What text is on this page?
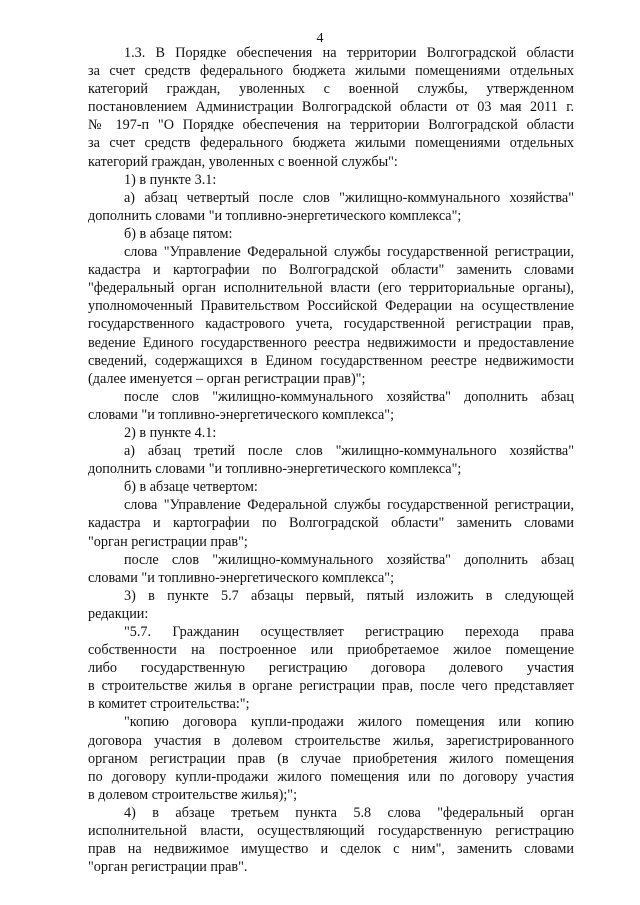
4
1.3. В Порядке обеспечения на территории Волгоградской области
за счет средств федерального бюджета жилыми помещениями отдельных
категорий граждан, уволенных с военной службы, утвержденном
постановлением Администрации Волгоградской области от 03 мая 2011 г.
№ 197-п "О Порядке обеспечения на территории Волгоградской области
за счет средств федерального бюджета жилыми помещениями отдельных
категорий граждан, уволенных с военной службы":
1) в пункте 3.1:
а) абзац четвертый после слов "жилищно-коммунального хозяйства"
дополнить словами "и топливно-энергетического комплекса";
б) в абзаце пятом:
слова "Управление Федеральной службы государственной регистрации,
кадастра и картографии по Волгоградской области" заменить словами
"федеральный орган исполнительной власти (его территориальные органы),
уполномоченный Правительством Российской Федерации на осуществление
государственного кадастрового учета, государственной регистрации прав,
ведение Единого государственного реестра недвижимости и предоставление
сведений, содержащихся в Едином государственном реестре недвижимости
(далее именуется – орган регистрации прав)";
после слов "жилищно-коммунального хозяйства" дополнить абзац
словами "и топливно-энергетического комплекса";
2) в пункте 4.1:
а) абзац третий после слов "жилищно-коммунального хозяйства"
дополнить словами "и топливно-энергетического комплекса";
б) в абзаце четвертом:
слова "Управление Федеральной службы государственной регистрации,
кадастра и картографии по Волгоградской области" заменить словами
"орган регистрации прав";
после слов "жилищно-коммунального хозяйства" дополнить абзац
словами "и топливно-энергетического комплекса";
3) в пункте 5.7 абзацы первый, пятый изложить в следующей
редакции:
"5.7. Гражданин осуществляет регистрацию перехода права
собственности на построенное или приобретаемое жилое помещение
либо государственную регистрацию договора долевого участия
в строительстве жилья в органе регистрации прав, после чего представляет
в комитет строительства:";
"копию договора купли-продажи жилого помещения или копию
договора участия в долевом строительстве жилья, зарегистрированного
органом регистрации прав (в случае приобретения жилого помещения
по договору купли-продажи жилого помещения или по договору участия
в долевом строительстве жилья);";
4) в абзаце третьем пункта 5.8 слова "федеральный орган
исполнительной власти, осуществляющий государственную регистрацию
прав на недвижимое имущество и сделок с ним", заменить словами
"орган регистрации прав".
